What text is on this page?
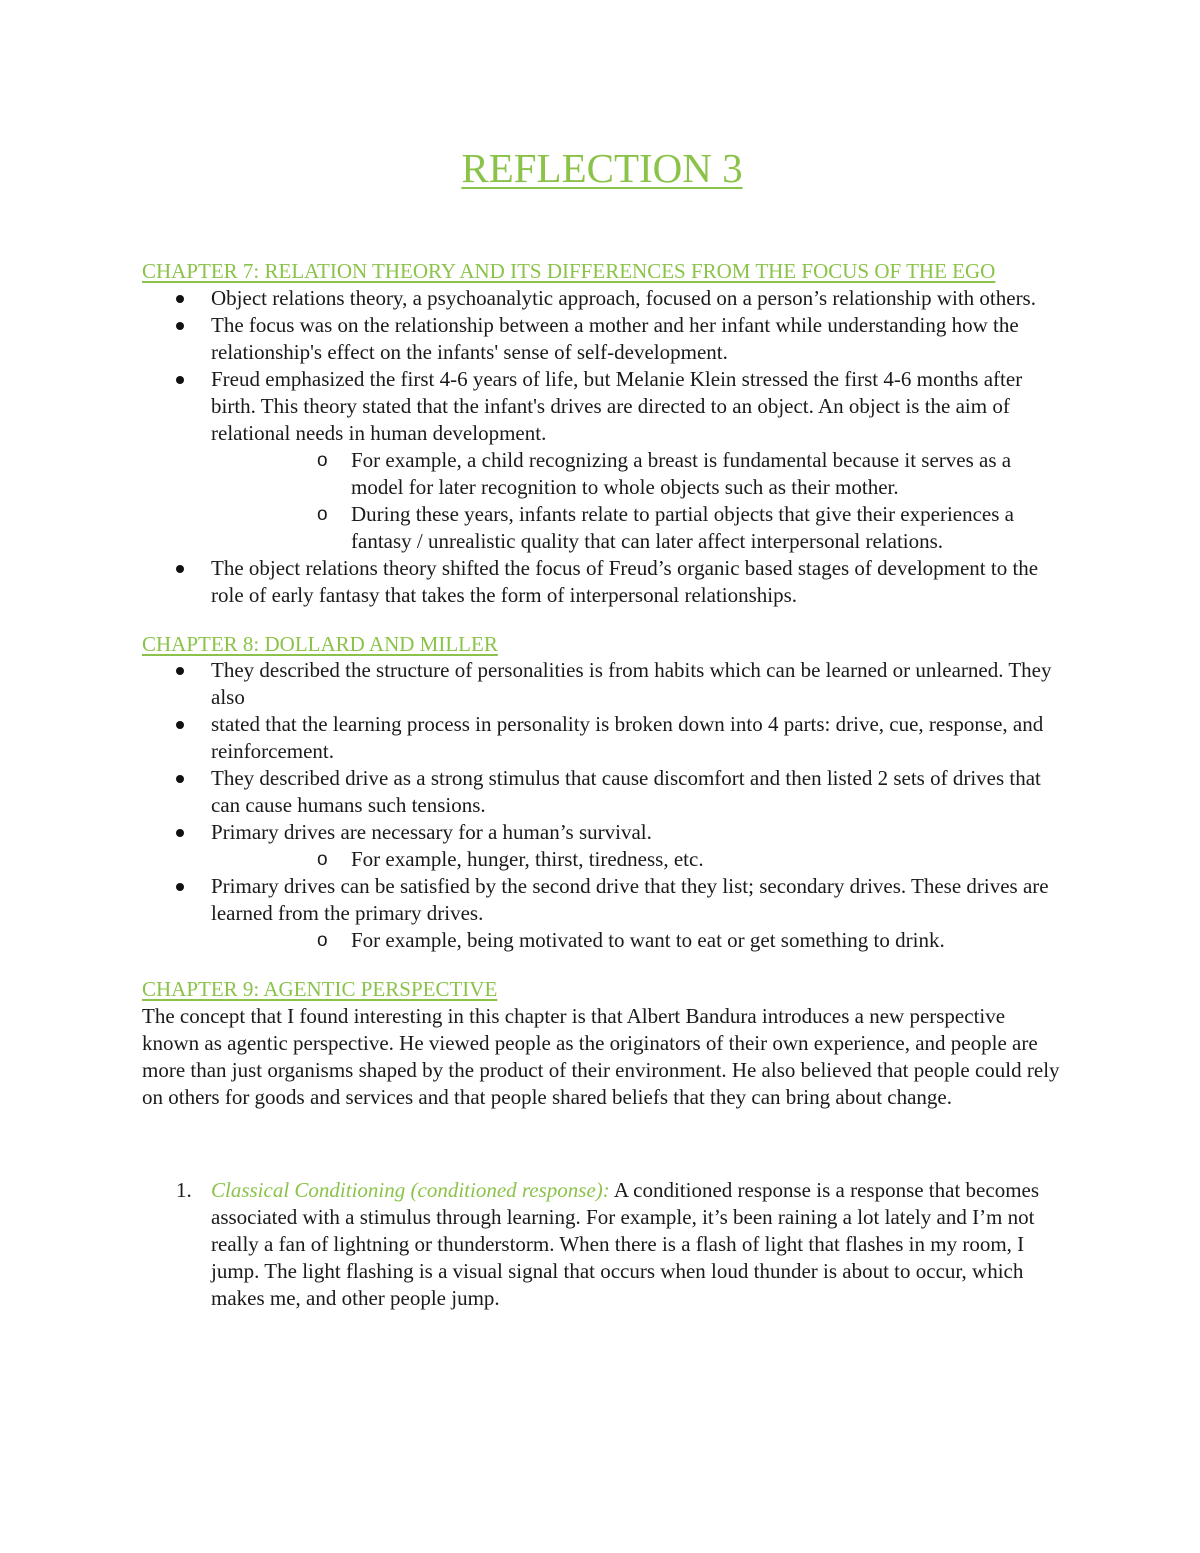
REFLECTION 3
CHAPTER 7: RELATION THEORY AND ITS DIFFERENCES FROM THE FOCUS OF THE EGO
Object relations theory, a psychoanalytic approach, focused on a person’s relationship with others.
The focus was on the relationship between a mother and her infant while understanding how the relationship's effect on the infants' sense of self-development.
Freud emphasized the first 4-6 years of life, but Melanie Klein stressed the first 4-6 months after birth. This theory stated that the infant's drives are directed to an object. An object is the aim of relational needs in human development.
o For example, a child recognizing a breast is fundamental because it serves as a model for later recognition to whole objects such as their mother.
o During these years, infants relate to partial objects that give their experiences a fantasy / unrealistic quality that can later affect interpersonal relations.
The object relations theory shifted the focus of Freud’s organic based stages of development to the role of early fantasy that takes the form of interpersonal relationships.
CHAPTER 8: DOLLARD AND MILLER
They described the structure of personalities is from habits which can be learned or unlearned. They also
stated that the learning process in personality is broken down into 4 parts: drive, cue, response, and reinforcement.
They described drive as a strong stimulus that cause discomfort and then listed 2 sets of drives that can cause humans such tensions.
Primary drives are necessary for a human’s survival.
o For example, hunger, thirst, tiredness, etc.
Primary drives can be satisfied by the second drive that they list; secondary drives. These drives are learned from the primary drives.
o For example, being motivated to want to eat or get something to drink.
CHAPTER 9: AGENTIC PERSPECTIVE

The concept that I found interesting in this chapter is that Albert Bandura introduces a new perspective known as agentic perspective. He viewed people as the originators of their own experience, and people are more than just organisms shaped by the product of their environment. He also believed that people could rely on others for goods and services and that people shared beliefs that they can bring about change.

1. Classical Conditioning (conditioned response): A conditioned response is a response that becomes associated with a stimulus through learning. For example, it’s been raining a lot lately and I’m not really a fan of lightning or thunderstorm. When there is a flash of light that flashes in my room, I jump. The light flashing is a visual signal that occurs when loud thunder is about to occur, which makes me, and other people jump.
